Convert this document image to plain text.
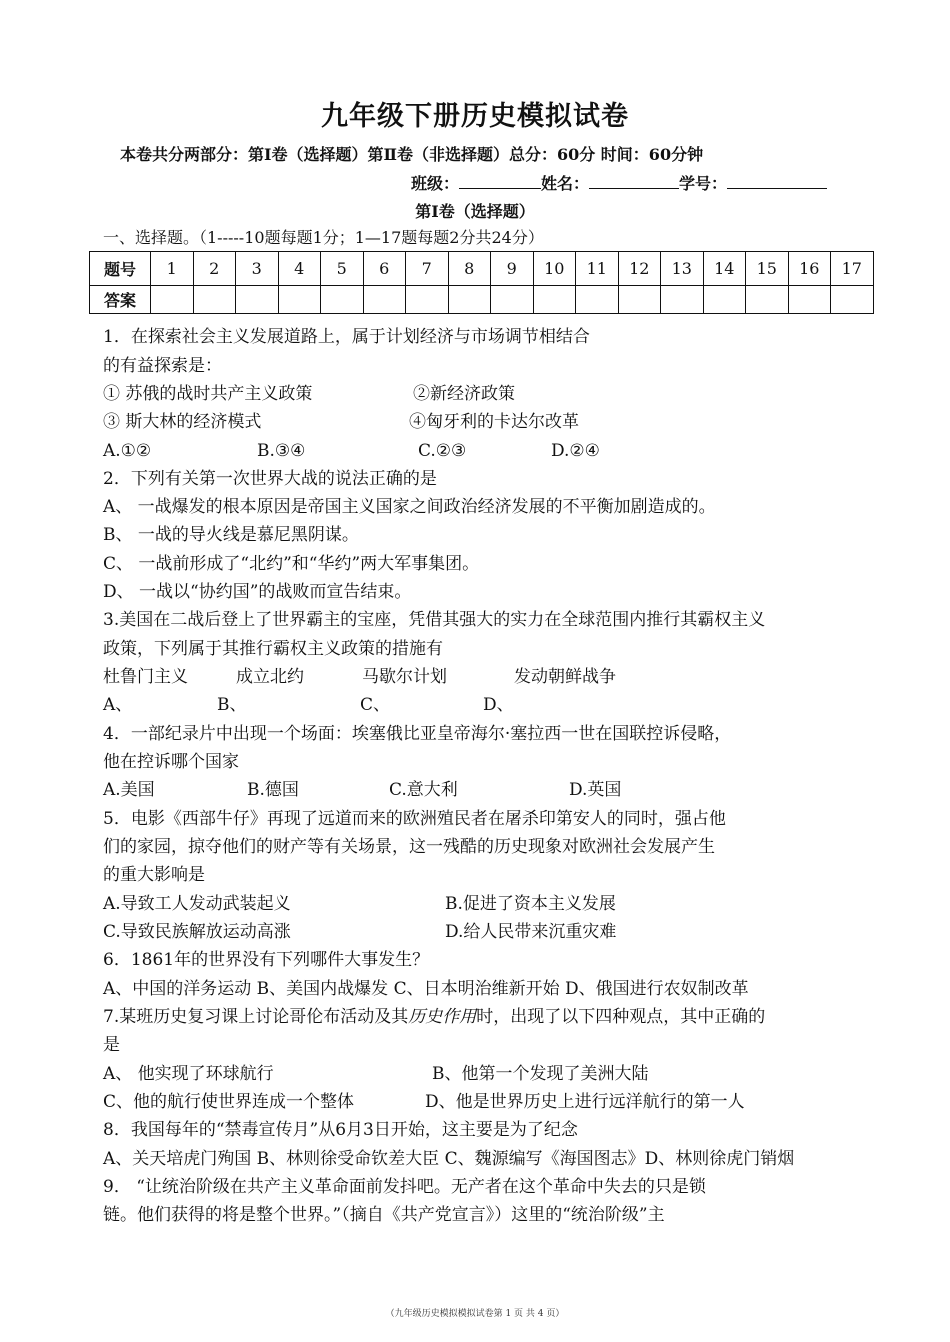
九年级下册历史模拟试卷
本卷共分两部分：第Ⅰ卷（选择题）第Ⅱ卷（非选择题）总分：60分 时间：60分钟
班级：	姓名：	学号：
第Ⅰ卷（选择题）
一、选择题。（1-----10题每题1分；1—17题每题2分共24分）
题号	1	2	3	4	5	6	7	8	9	10	11	12	13	14	15	16	17
答案																	
1．在探索社会主义发展道路上，属于计划经济与市场调节相结合
的有益探索是：
① 苏俄的战时共产主义政策	②新经济政策
③ 斯大林的经济模式	④匈牙利的卡达尔改革
A.①②	B.③④	C.②③	D.②④
2．下列有关第一次世界大战的说法正确的是
A、 一战爆发的根本原因是帝国主义国家之间政治经济发展的不平衡加剧造成的。
B、 一战的导火线是慕尼黑阴谋。
C、 一战前形成了“北约”和“华约”两大军事集团。
D、 一战以“协约国”的战败而宣告结束。
3.美国在二战后登上了世界霸主的宝座，凭借其强大的实力在全球范围内推行其霸权主义
政策，下列属于其推行霸权主义政策的措施有
杜鲁门主义	成立北约	马歇尔计划	发动朝鲜战争
A、	B、	C、	D、
4．一部纪录片中出现一个场面：埃塞俄比亚皇帝海尔·塞拉西一世在国联控诉侵略，
他在控诉哪个国家
A.美国	B.德国	C.意大利	D.英国
5．电影《西部牛仔》再现了远道而来的欧洲殖民者在屠杀印第安人的同时，强占他
们的家园，掠夺他们的财产等有关场景，这一残酷的历史现象对欧洲社会发展产生
的重大影响是
A.导致工人发动武装起义	B.促进了资本主义发展
C.导致民族解放运动高涨	D.给人民带来沉重灾难
6．1861年的世界没有下列哪件大事发生？
A、中国的洋务运动 B、美国内战爆发 C、日本明治维新开始 D、俄国进行农奴制改革
7.某班历史复习课上讨论哥伦布活动及其历史作用时，出现了以下四种观点，其中正确的
是
A、 他实现了环球航行	B、他第一个发现了美洲大陆
C、他的航行使世界连成一个整体	D、他是世界历史上进行远洋航行的第一人
8．我国每年的“禁毒宣传月”从6月3日开始，这主要是为了纪念
A、关天培虎门殉国 B、林则徐受命钦差大臣 C、魏源编写《海国图志》D、林则徐虎门销烟
9． “让统治阶级在共产主义革命面前发抖吧。无产者在这个革命中失去的只是锁
链。他们获得的将是整个世界。”（摘自《共产党宣言》）这里的“统治阶级”主
（九年级历史模拟模拟试卷第 1 页 共 4 页）
